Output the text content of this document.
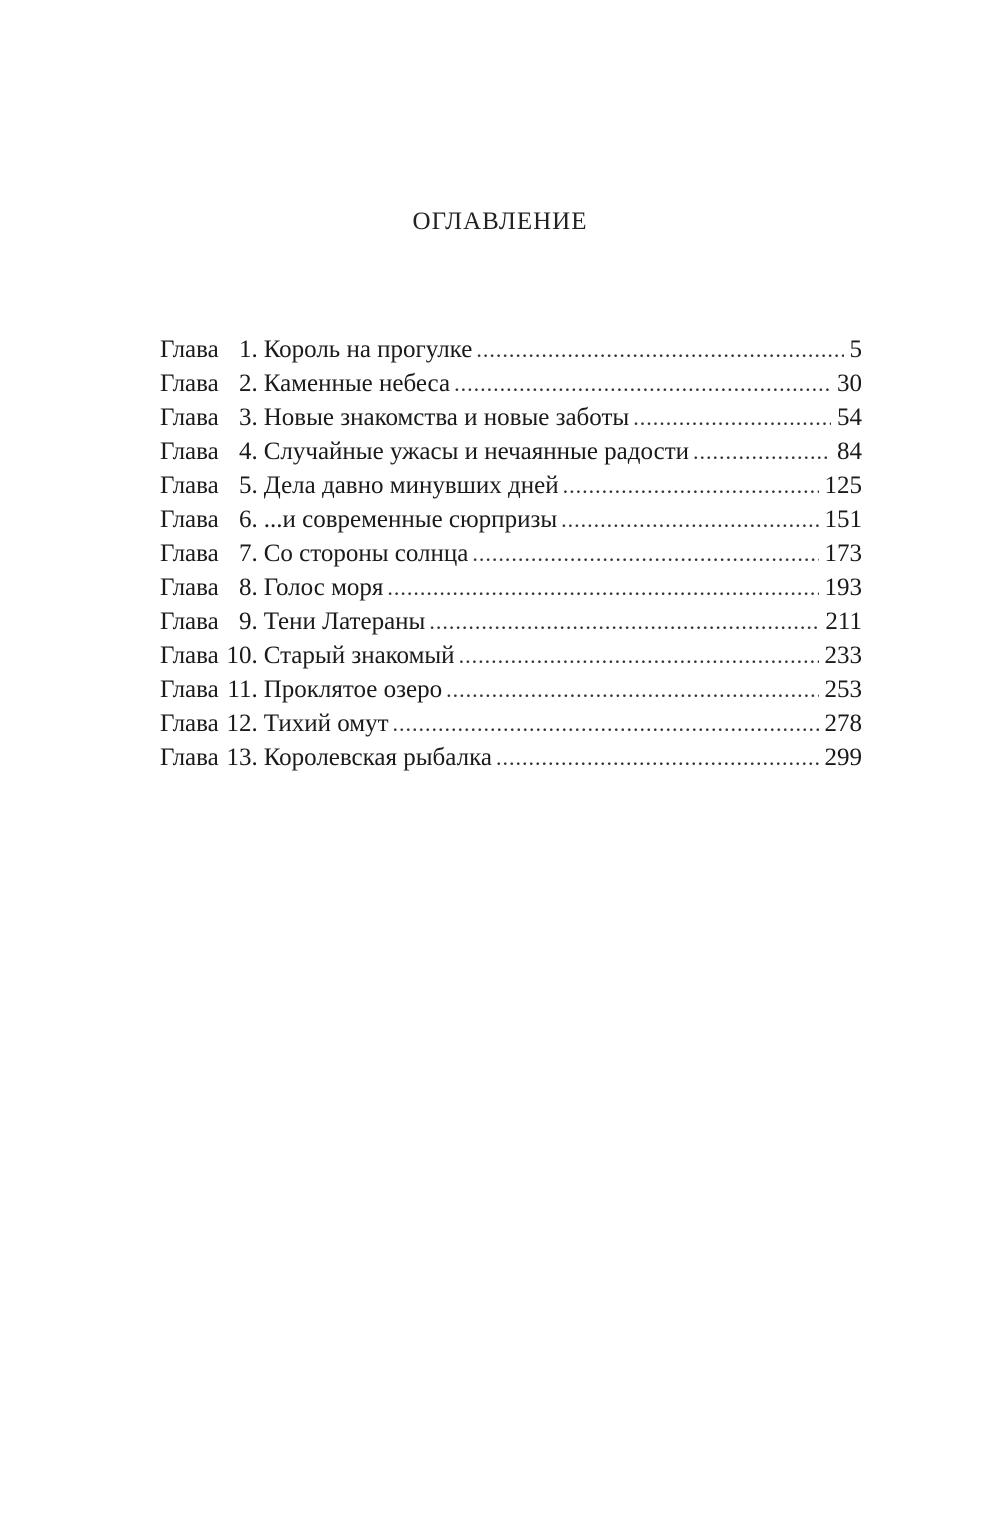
ОГЛАВЛЕНИЕ
Глава 1. Король на прогулке .....	5
Глава 2. Каменные небеса .....	30
Глава 3. Новые знакомства и новые заботы .....	54
Глава 4. Случайные ужасы и нечаянные радости .....	84
Глава 5. Дела давно минувших дней .....	125
Глава 6. ...и современные сюрпризы .....	151
Глава 7. Со стороны солнца .....	173
Глава 8. Голос моря .....	193
Глава 9. Тени Латераны .....	211
Глава 10. Старый знакомый .....	233
Глава 11. Проклятое озеро .....	253
Глава 12. Тихий омут .....	278
Глава 13. Королевская рыбалка .....	299
